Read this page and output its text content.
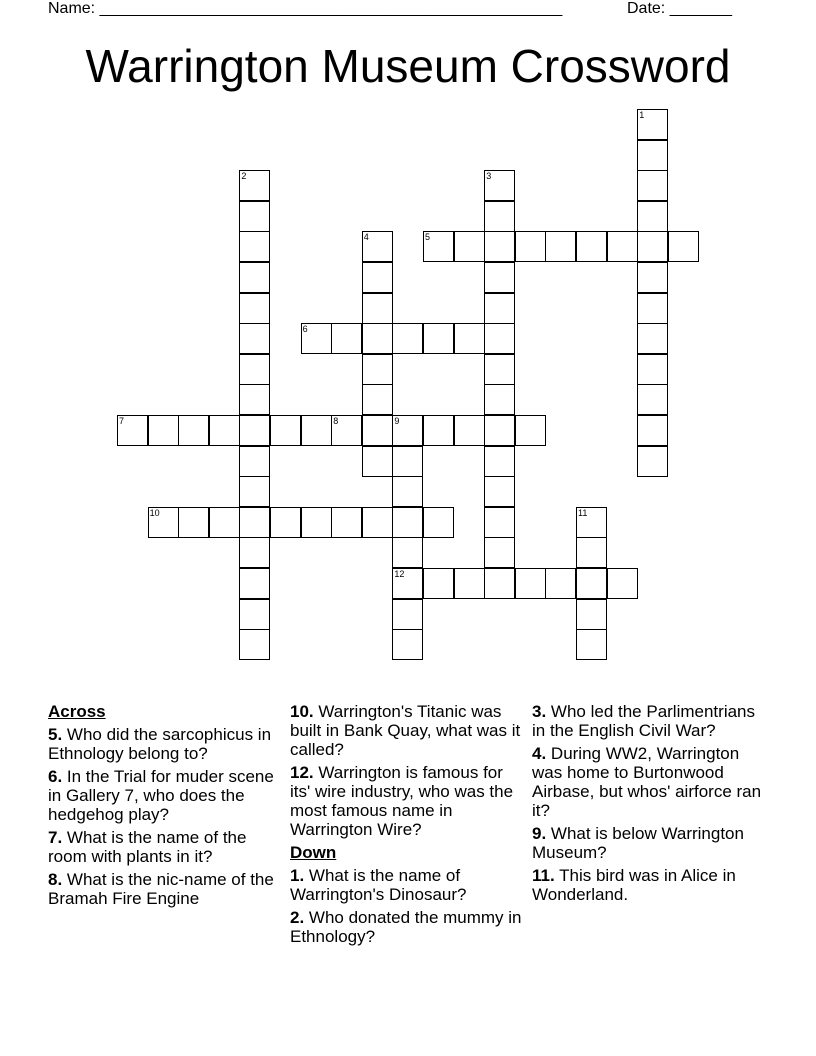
Name: ____________________________________________________	Date: _______
Warrington Museum Crossword
1
2	3
4	5
6
7	8	9
10	11
12
Across
5. Who did the sarcophicus in Ethnology belong to?
6. In the Trial for muder scene in Gallery 7, who does the hedgehog play?
7. What is the name of the room with plants in it?
8. What is the nic-name of the Bramah Fire Engine
10. Warrington's Titanic was built in Bank Quay, what was it called?
12. Warrington is famous for its' wire industry, who was the most famous name in Warrington Wire?
Down
1. What is the name of Warrington's Dinosaur?
2. Who donated the mummy in Ethnology?
3. Who led the Parlimentrians in the English Civil War?
4. During WW2, Warrington was home to Burtonwood Airbase, but whos' airforce ran it?
9. What is below Warrington Museum?
11. This bird was in Alice in Wonderland.
